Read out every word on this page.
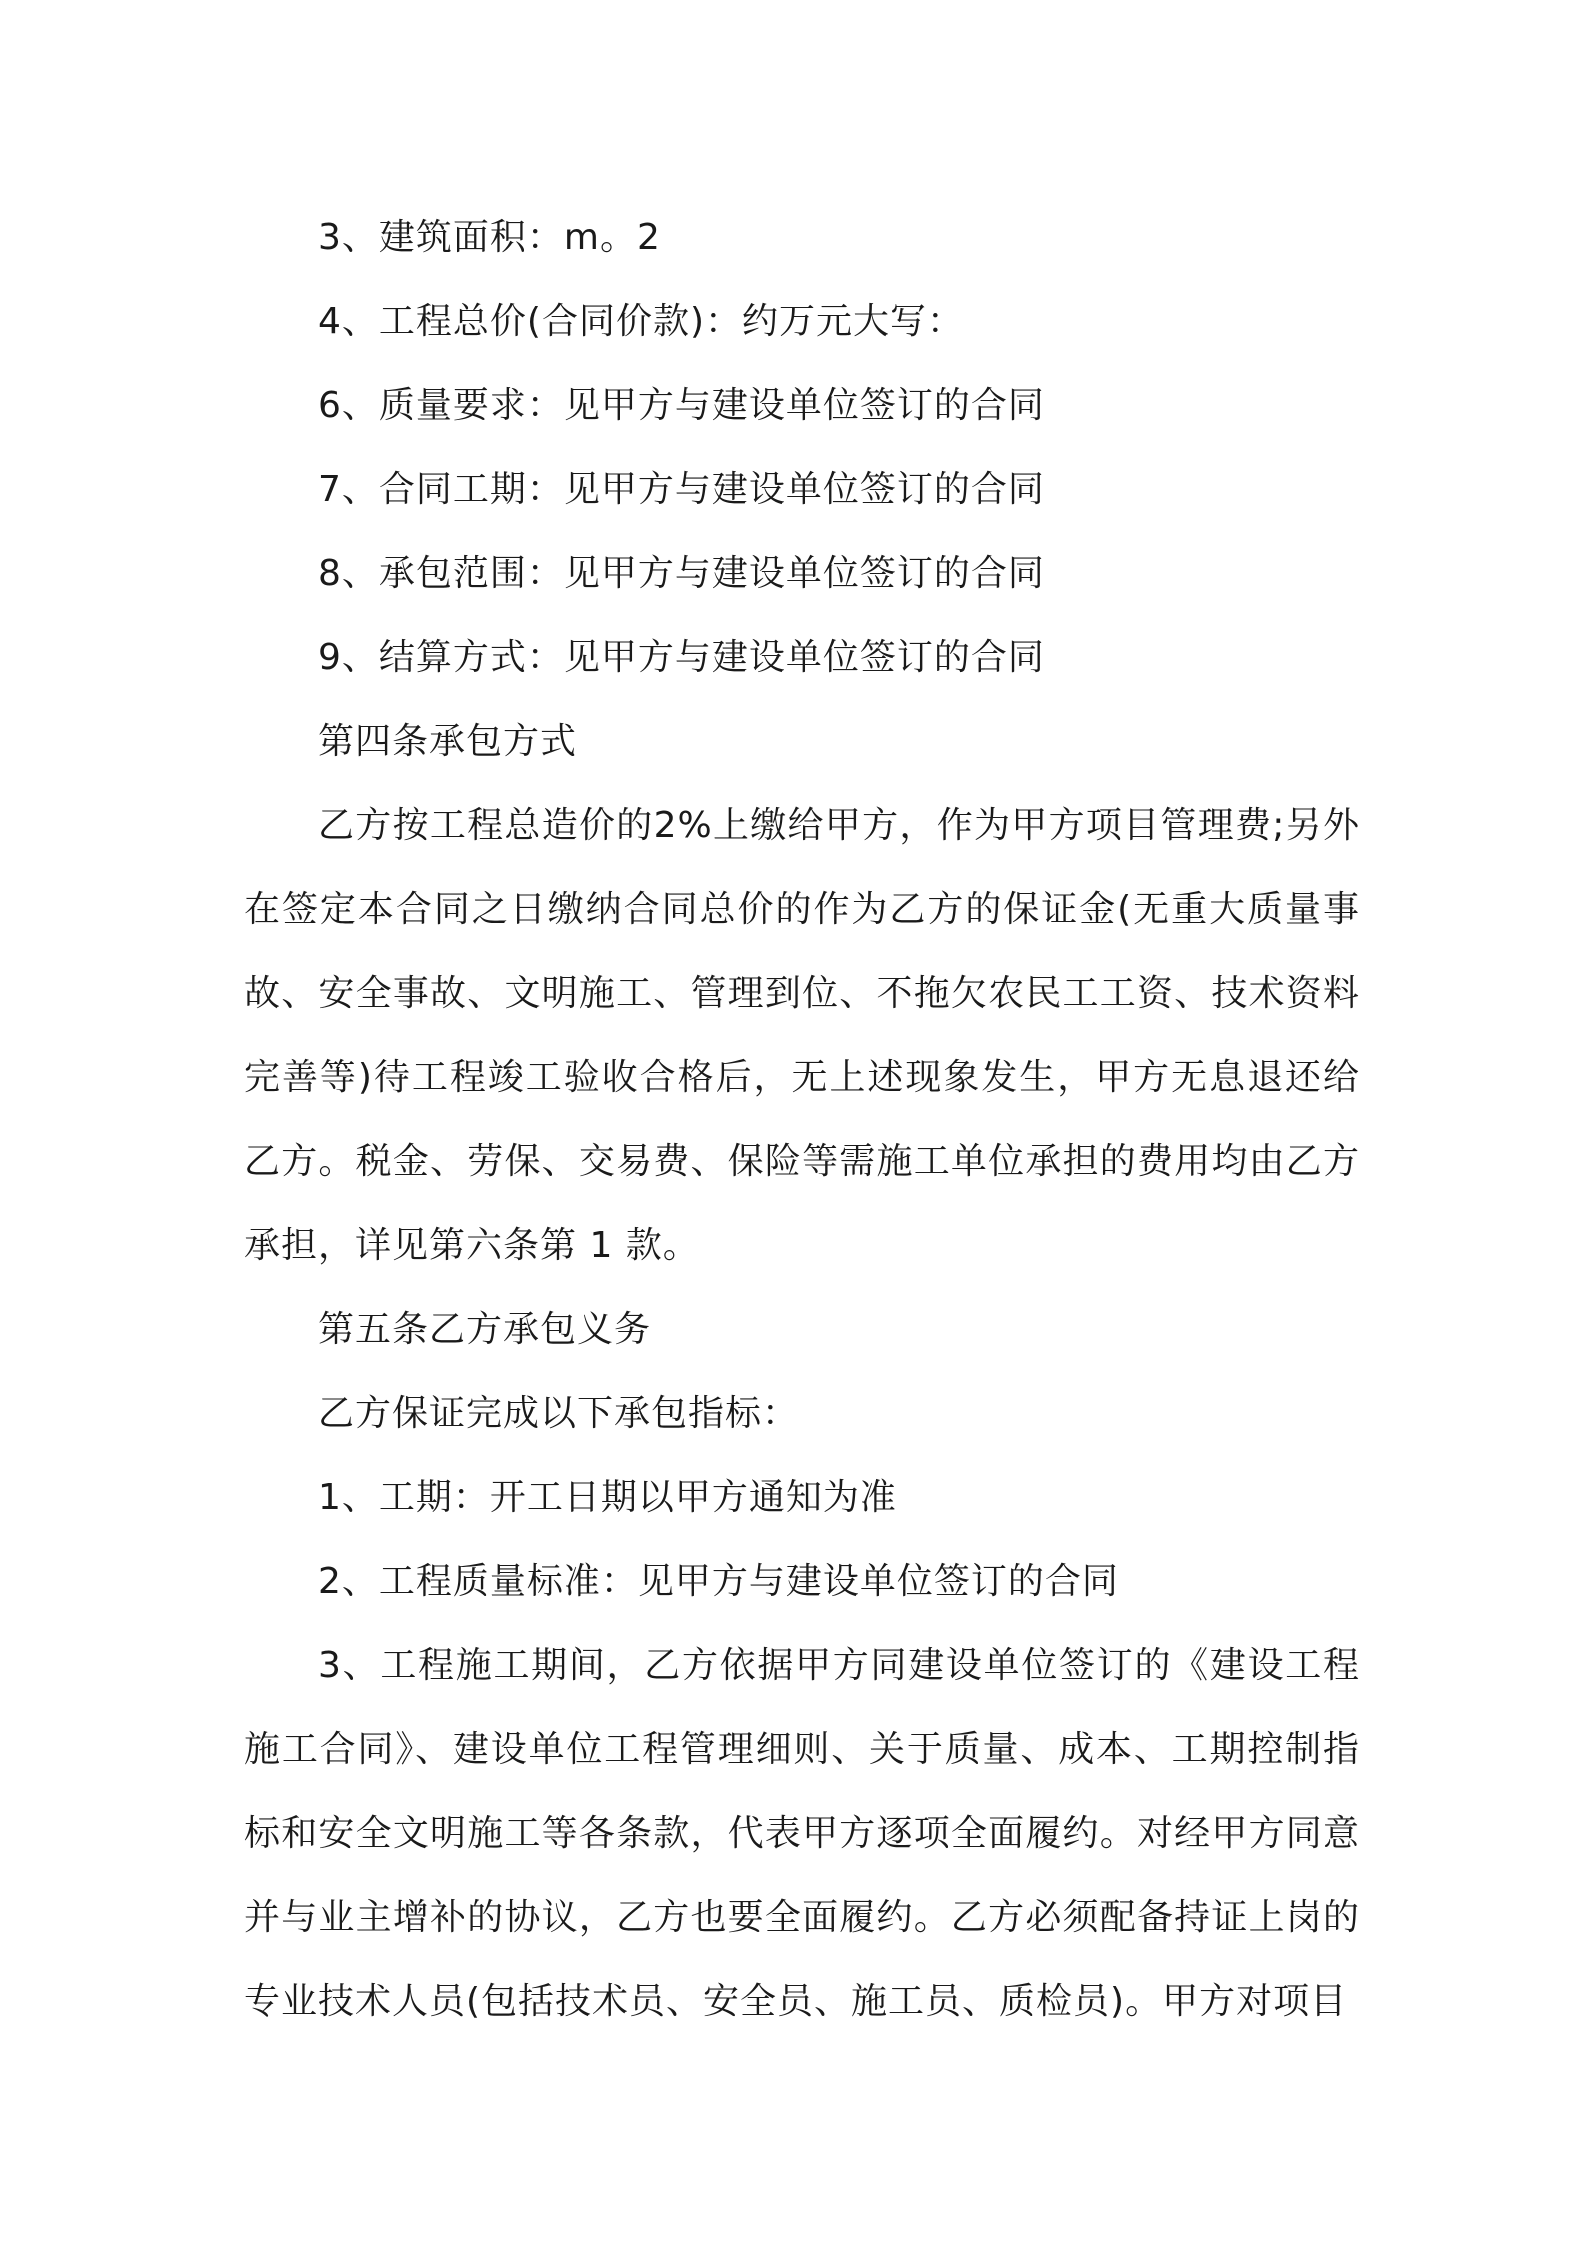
3、建筑面积：m。2

4、工程总价(合同价款)：约万元大写：

6、质量要求：见甲方与建设单位签订的合同

7、合同工期：见甲方与建设单位签订的合同

8、承包范围：见甲方与建设单位签订的合同

9、结算方式：见甲方与建设单位签订的合同

第四条承包方式

乙方按工程总造价的2%上缴给甲方，作为甲方项目管理费;另外在签定本合同之日缴纳合同总价的作为乙方的保证金(无重大质量事故、安全事故、文明施工、管理到位、不拖欠农民工工资、技术资料完善等)待工程竣工验收合格后，无上述现象发生，甲方无息退还给乙方。税金、劳保、交易费、保险等需施工单位承担的费用均由乙方承担，详见第六条第 1 款。

第五条乙方承包义务

乙方保证完成以下承包指标：

1、工期：开工日期以甲方通知为准

2、工程质量标准：见甲方与建设单位签订的合同

3、工程施工期间，乙方依据甲方同建设单位签订的《建设工程施工合同》、建设单位工程管理细则、关于质量、成本、工期控制指标和安全文明施工等各条款，代表甲方逐项全面履约。对经甲方同意并与业主增补的协议，乙方也要全面履约。乙方必须配备持证上岗的专业技术人员(包括技术员、安全员、施工员、质检员)。甲方对项目
